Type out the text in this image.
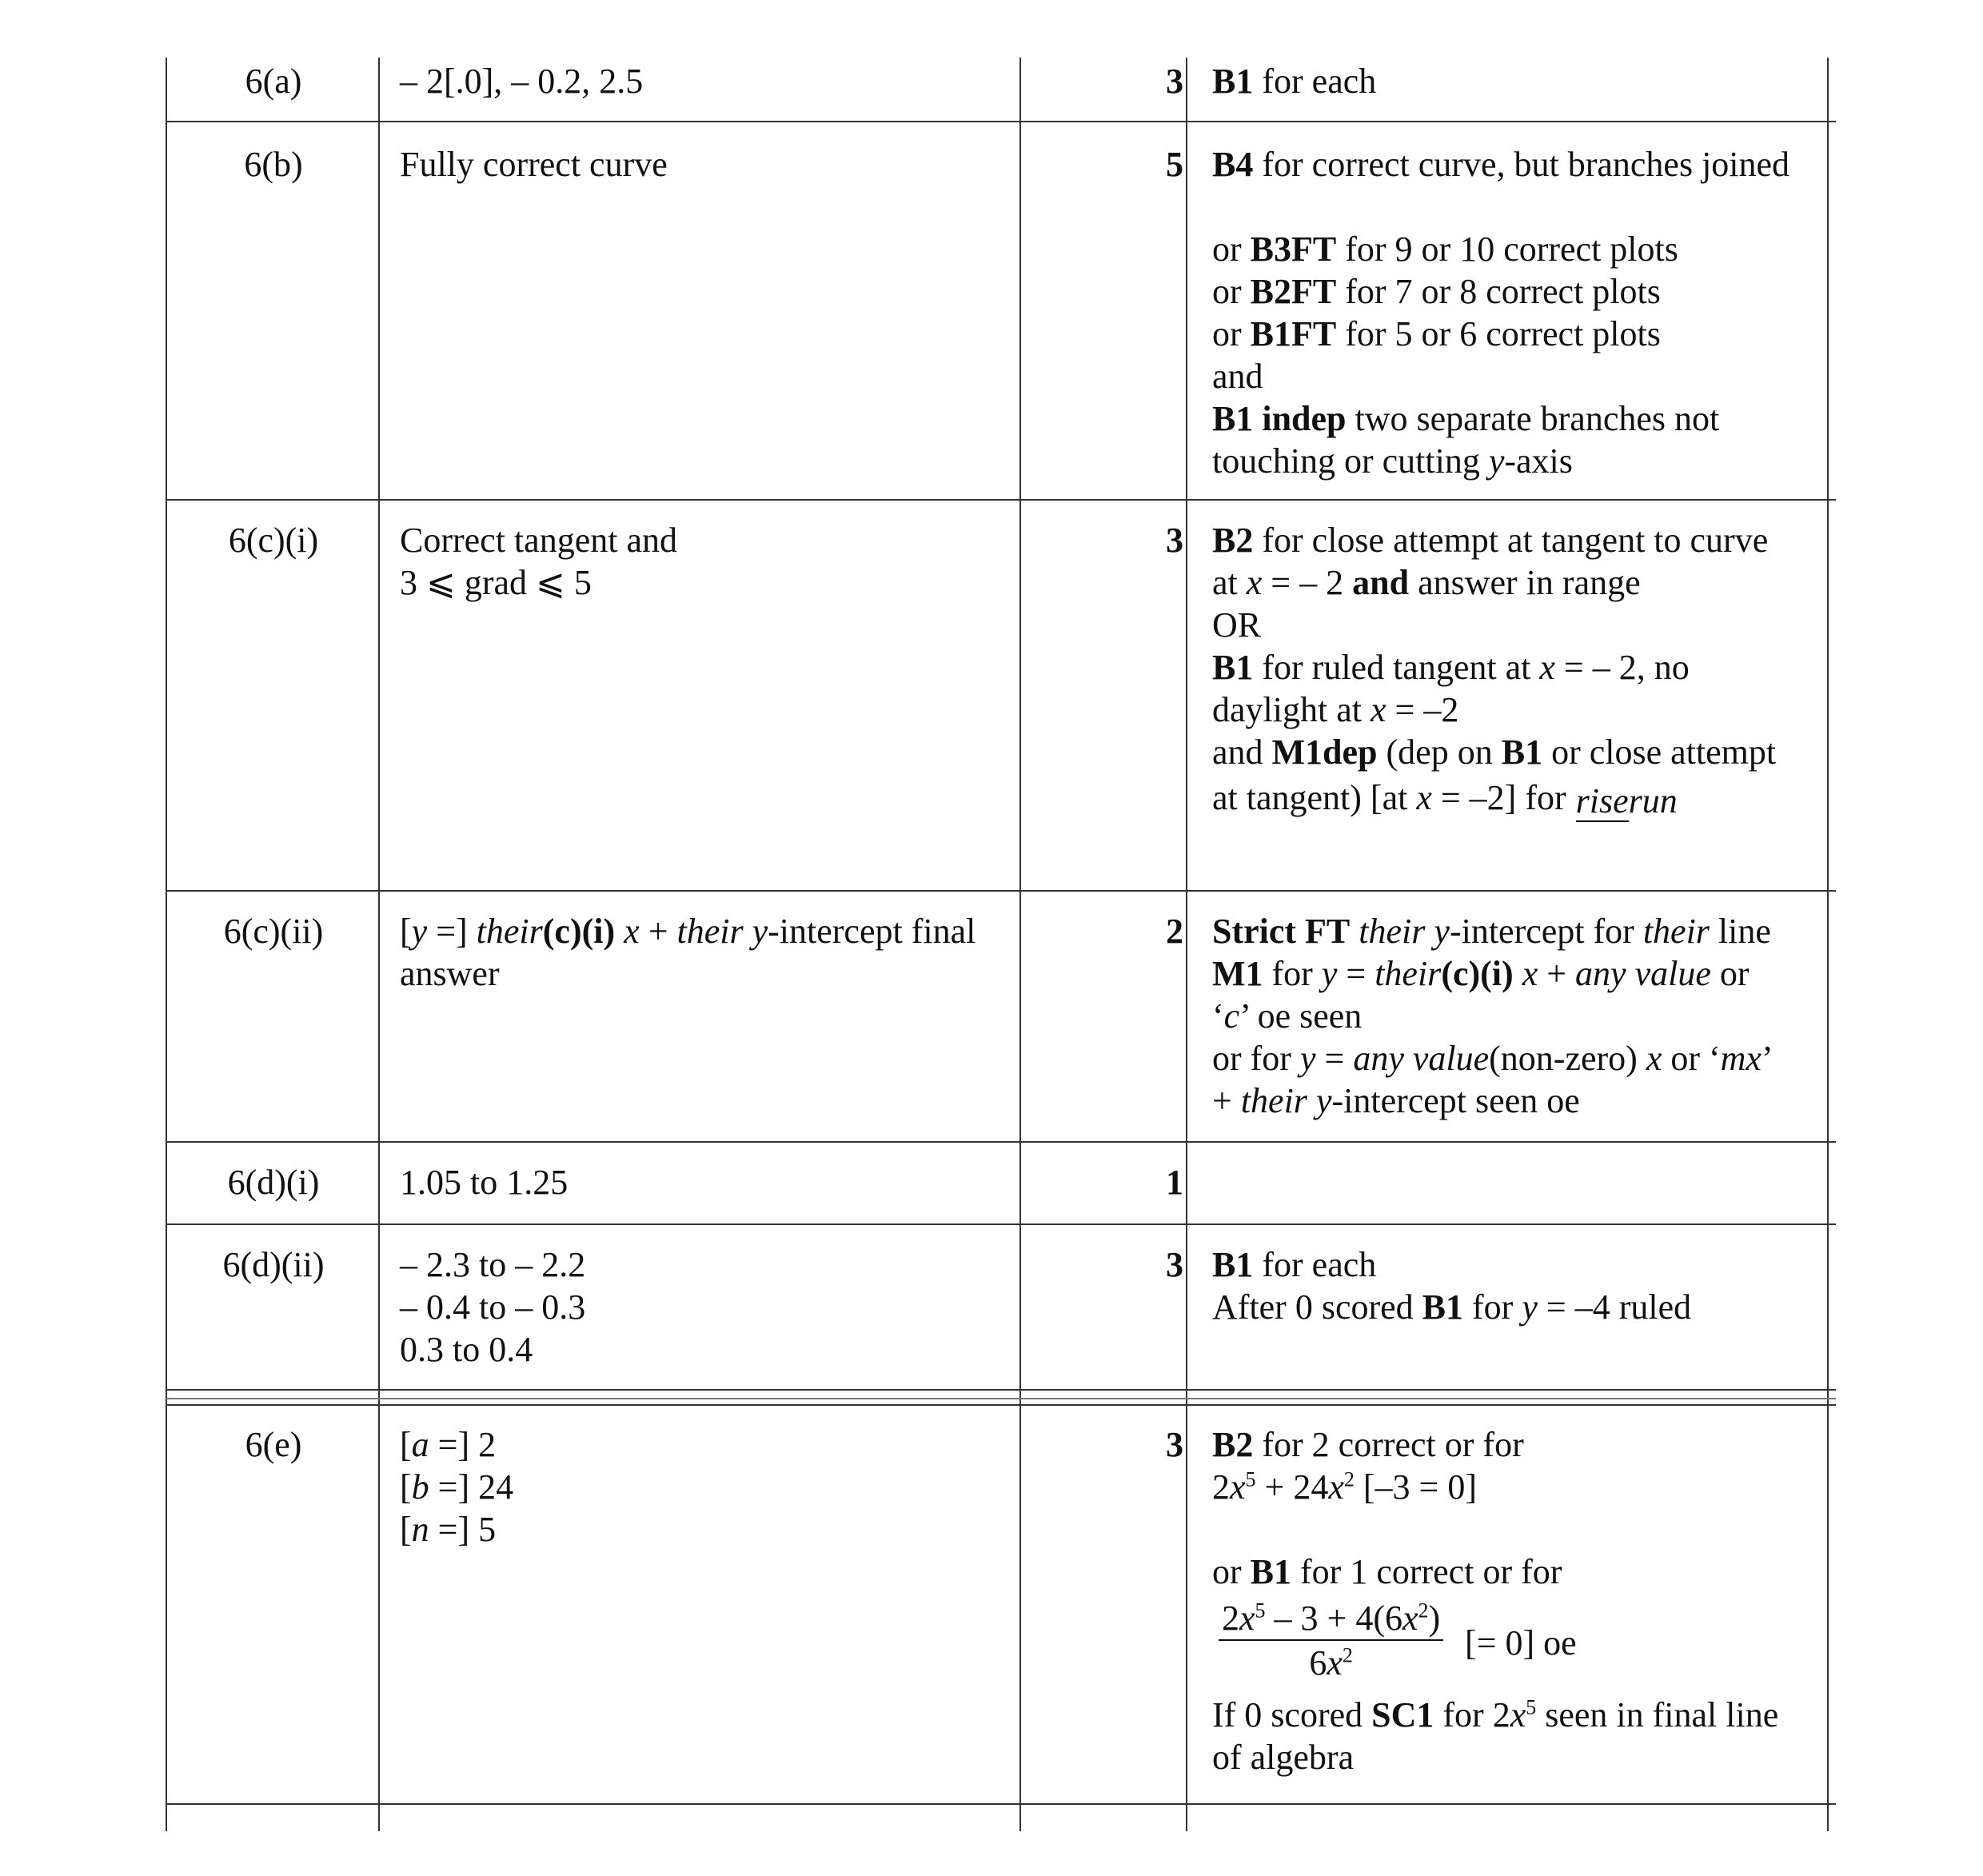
6(a)	– 2[.0], – 0.2, 2.5	3 B1 for each
6(b)	Fully correct curve	5 B4 for correct curve, but branches joined
or B3FT for 9 or 10 correct plots
or B2FT for 7 or 8 correct plots
or B1FT for 5 or 6 correct plots
and
B1 indep two separate branches not
touching or cutting y-axis
6(c)(i)	Correct tangent and
3 ⩽ grad ⩽ 5
3 B2 for close attempt at tangent to curve
at x = – 2 and answer in range
OR
B1 for ruled tangent at x = – 2, no
daylight at x = –2
and M1dep (dep on B1 or close attempt
at tangent) [at x = –2] for riserun
6(c)(ii)	[y =] their(c)(i) x + their y-intercept final
answer
2 Strict FT their y-intercept for their line
M1 for y = their(c)(i) x + any value or
‘c’ oe seen
or for y = any value(non-zero) x or ‘mx’
+ their y-intercept seen oe
6(d)(i)	1.05 to 1.25	1
6(d)(ii)	– 2.3 to – 2.2
– 0.4 to – 0.3
0.3 to 0.4
3 B1 for each
After 0 scored B1 for y = –4 ruled
6(e)	[a =] 2
[b =] 24
[n =] 5
3 B2 for 2 correct or for
$2x^5 + 24x^2$ [–3 = 0]
or B1 for 1 correct or for
$2x^5 - 3 + 4(6x^2)$
$6x^2$	[= 0] oe
If 0 scored SC1 for $2x^5$ seen in final line
of algebra
